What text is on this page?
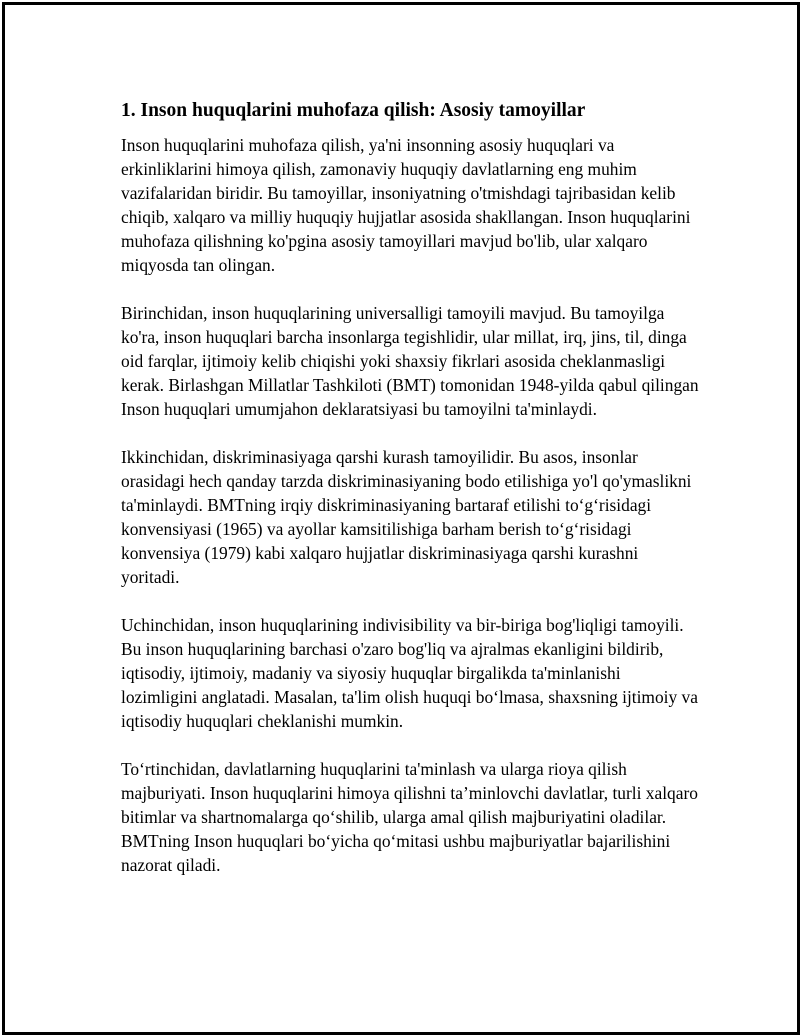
1. Inson huquqlarini muhofaza qilish: Asosiy tamoyillar

Inson huquqlarini muhofaza qilish, ya'ni insonning asosiy huquqlari va erkinliklarini himoya qilish, zamonaviy huquqiy davlatlarning eng muhim vazifalaridan biridir. Bu tamoyillar, insoniyatning o'tmishdagi tajribasidan kelib chiqib, xalqaro va milliy huquqiy hujjatlar asosida shakllangan. Inson huquqlarini muhofaza qilishning ko'pgina asosiy tamoyillari mavjud bo'lib, ular xalqaro miqyosda tan olingan.

Birinchidan, inson huquqlarining universalligi tamoyili mavjud. Bu tamoyilga ko'ra, inson huquqlari barcha insonlarga tegishlidir, ular millat, irq, jins, til, dinga oid farqlar, ijtimoiy kelib chiqishi yoki shaxsiy fikrlari asosida cheklanmasligi kerak. Birlashgan Millatlar Tashkiloti (BMT) tomonidan 1948-yilda qabul qilingan Inson huquqlari umumjahon deklaratsiyasi bu tamoyilni ta'minlaydi.

Ikkinchidan, diskriminasiyaga qarshi kurash tamoyilidir. Bu asos, insonlar orasidagi hech qanday tarzda diskriminasiyaning bodo etilishiga yo'l qo'ymaslikni ta'minlaydi. BMTning irqiy diskriminasiyaning bartaraf etilishi to‘g‘risidagi konvensiyasi (1965) va ayollar kamsitilishiga barham berish to‘g‘risidagi konvensiya (1979) kabi xalqaro hujjatlar diskriminasiyaga qarshi kurashni yoritadi.

Uchinchidan, inson huquqlarining indivisibility va bir-biriga bog'liqligi tamoyili. Bu inson huquqlarining barchasi o'zaro bog'liq va ajralmas ekanligini bildirib, iqtisodiy, ijtimoiy, madaniy va siyosiy huquqlar birgalikda ta'minlanishi lozimligini anglatadi. Masalan, ta'lim olish huquqi bo‘lmasa, shaxsning ijtimoiy va iqtisodiy huquqlari cheklanishi mumkin.

To‘rtinchidan, davlatlarning huquqlarini ta'minlash va ularga rioya qilish majburiyati. Inson huquqlarini himoya qilishni ta’minlovchi davlatlar, turli xalqaro bitimlar va shartnomalarga qo‘shilib, ularga amal qilish majburiyatini oladilar. BMTning Inson huquqlari bo‘yicha qo‘mitasi ushbu majburiyatlar bajarilishini nazorat qiladi.
